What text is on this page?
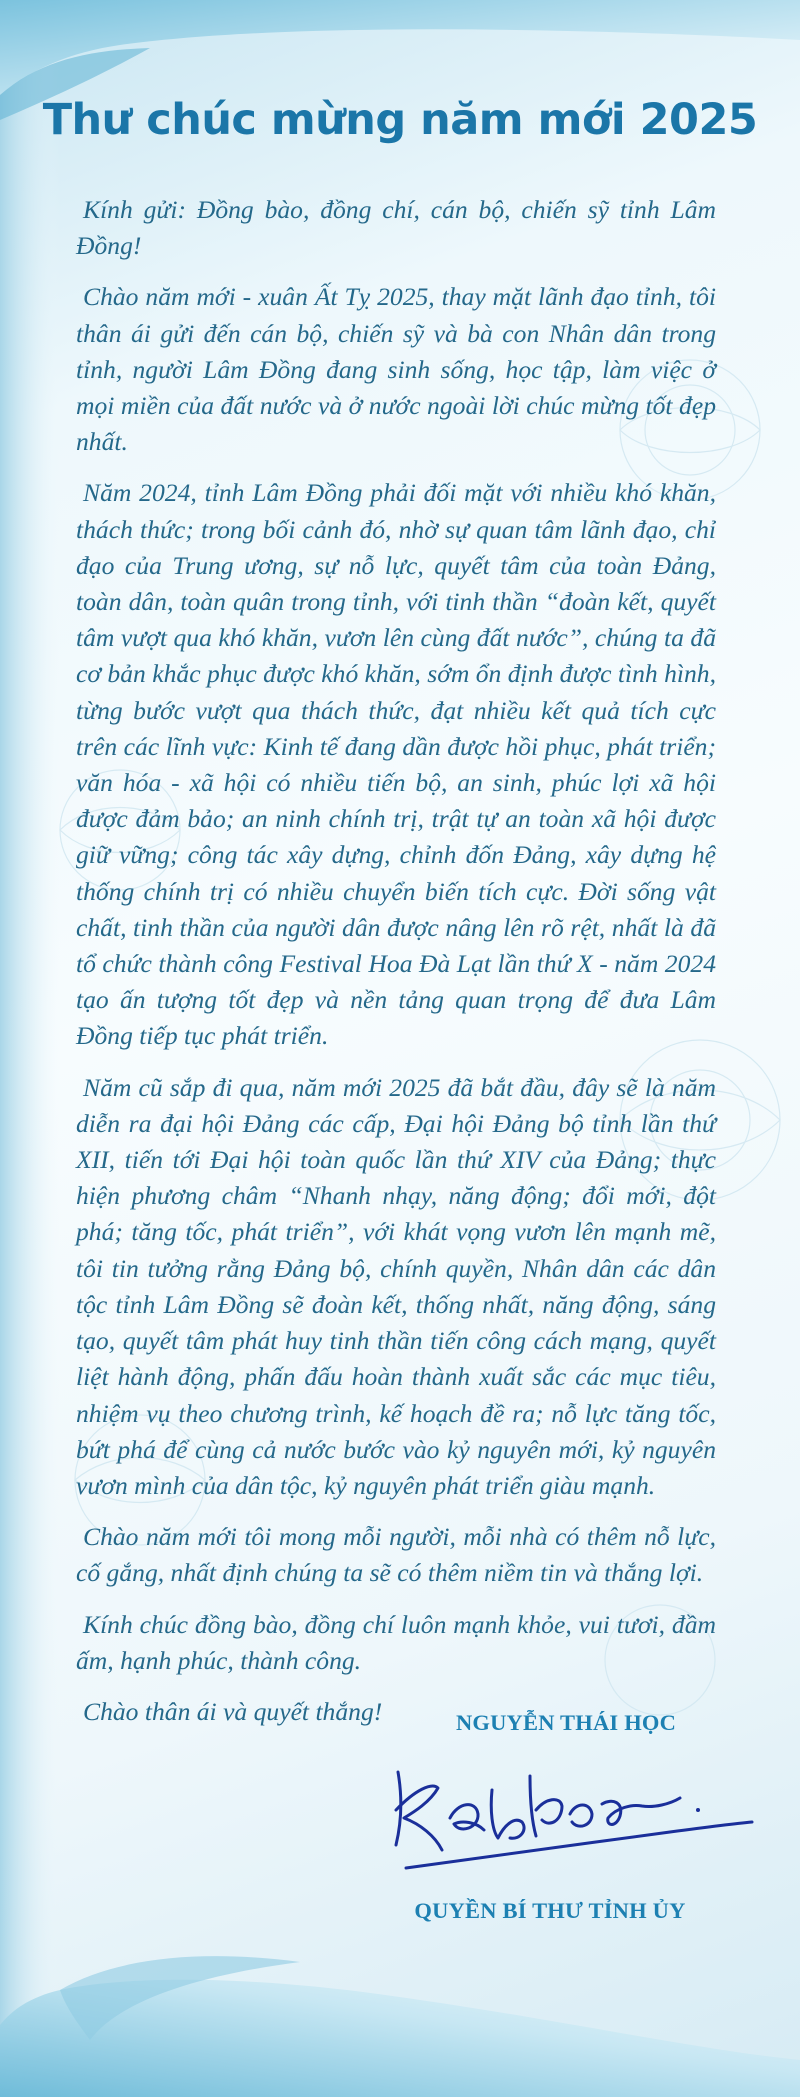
Thư chúc mừng năm mới 2025

Kính gửi: Đồng bào, đồng chí, cán bộ, chiến sỹ tỉnh Lâm Đồng!

Chào năm mới - xuân Ất Tỵ 2025, thay mặt lãnh đạo tỉnh, tôi thân ái gửi đến cán bộ, chiến sỹ và bà con Nhân dân trong tỉnh, người Lâm Đồng đang sinh sống, học tập, làm việc ở mọi miền của đất nước và ở nước ngoài lời chúc mừng tốt đẹp nhất.

Năm 2024, tỉnh Lâm Đồng phải đối mặt với nhiều khó khăn, thách thức; trong bối cảnh đó, nhờ sự quan tâm lãnh đạo, chỉ đạo của Trung ương, sự nỗ lực, quyết tâm của toàn Đảng, toàn dân, toàn quân trong tỉnh, với tinh thần “đoàn kết, quyết tâm vượt qua khó khăn, vươn lên cùng đất nước”, chúng ta đã cơ bản khắc phục được khó khăn, sớm ổn định được tình hình, từng bước vượt qua thách thức, đạt nhiều kết quả tích cực trên các lĩnh vực: Kinh tế đang dần được hồi phục, phát triển; văn hóa - xã hội có nhiều tiến bộ, an sinh, phúc lợi xã hội được đảm bảo; an ninh chính trị, trật tự an toàn xã hội được giữ vững; công tác xây dựng, chỉnh đốn Đảng, xây dựng hệ thống chính trị có nhiều chuyển biến tích cực. Đời sống vật chất, tinh thần của người dân được nâng lên rõ rệt, nhất là đã tổ chức thành công Festival Hoa Đà Lạt lần thứ X - năm 2024 tạo ấn tượng tốt đẹp và nền tảng quan trọng để đưa Lâm Đồng tiếp tục phát triển.

Năm cũ sắp đi qua, năm mới 2025 đã bắt đầu, đây sẽ là năm diễn ra đại hội Đảng các cấp, Đại hội Đảng bộ tỉnh lần thứ XII, tiến tới Đại hội toàn quốc lần thứ XIV của Đảng; thực hiện phương châm “Nhanh nhạy, năng động; đổi mới, đột phá; tăng tốc, phát triển”, với khát vọng vươn lên mạnh mẽ, tôi tin tưởng rằng Đảng bộ, chính quyền, Nhân dân các dân tộc tỉnh Lâm Đồng sẽ đoàn kết, thống nhất, năng động, sáng tạo, quyết tâm phát huy tinh thần tiến công cách mạng, quyết liệt hành động, phấn đấu hoàn thành xuất sắc các mục tiêu, nhiệm vụ theo chương trình, kế hoạch đề ra; nỗ lực tăng tốc, bứt phá để cùng cả nước bước vào kỷ nguyên mới, kỷ nguyên vươn mình của dân tộc, kỷ nguyên phát triển giàu mạnh.

Chào năm mới tôi mong mỗi người, mỗi nhà có thêm nỗ lực, cố gắng, nhất định chúng ta sẽ có thêm niềm tin và thắng lợi.

Kính chúc đồng bào, đồng chí luôn mạnh khỏe, vui tươi, đầm ấm, hạnh phúc, thành công.

Chào thân ái và quyết thắng!	NGUYỄN THÁI HỌC
QUYỀN BÍ THƯ TỈNH ỦY
